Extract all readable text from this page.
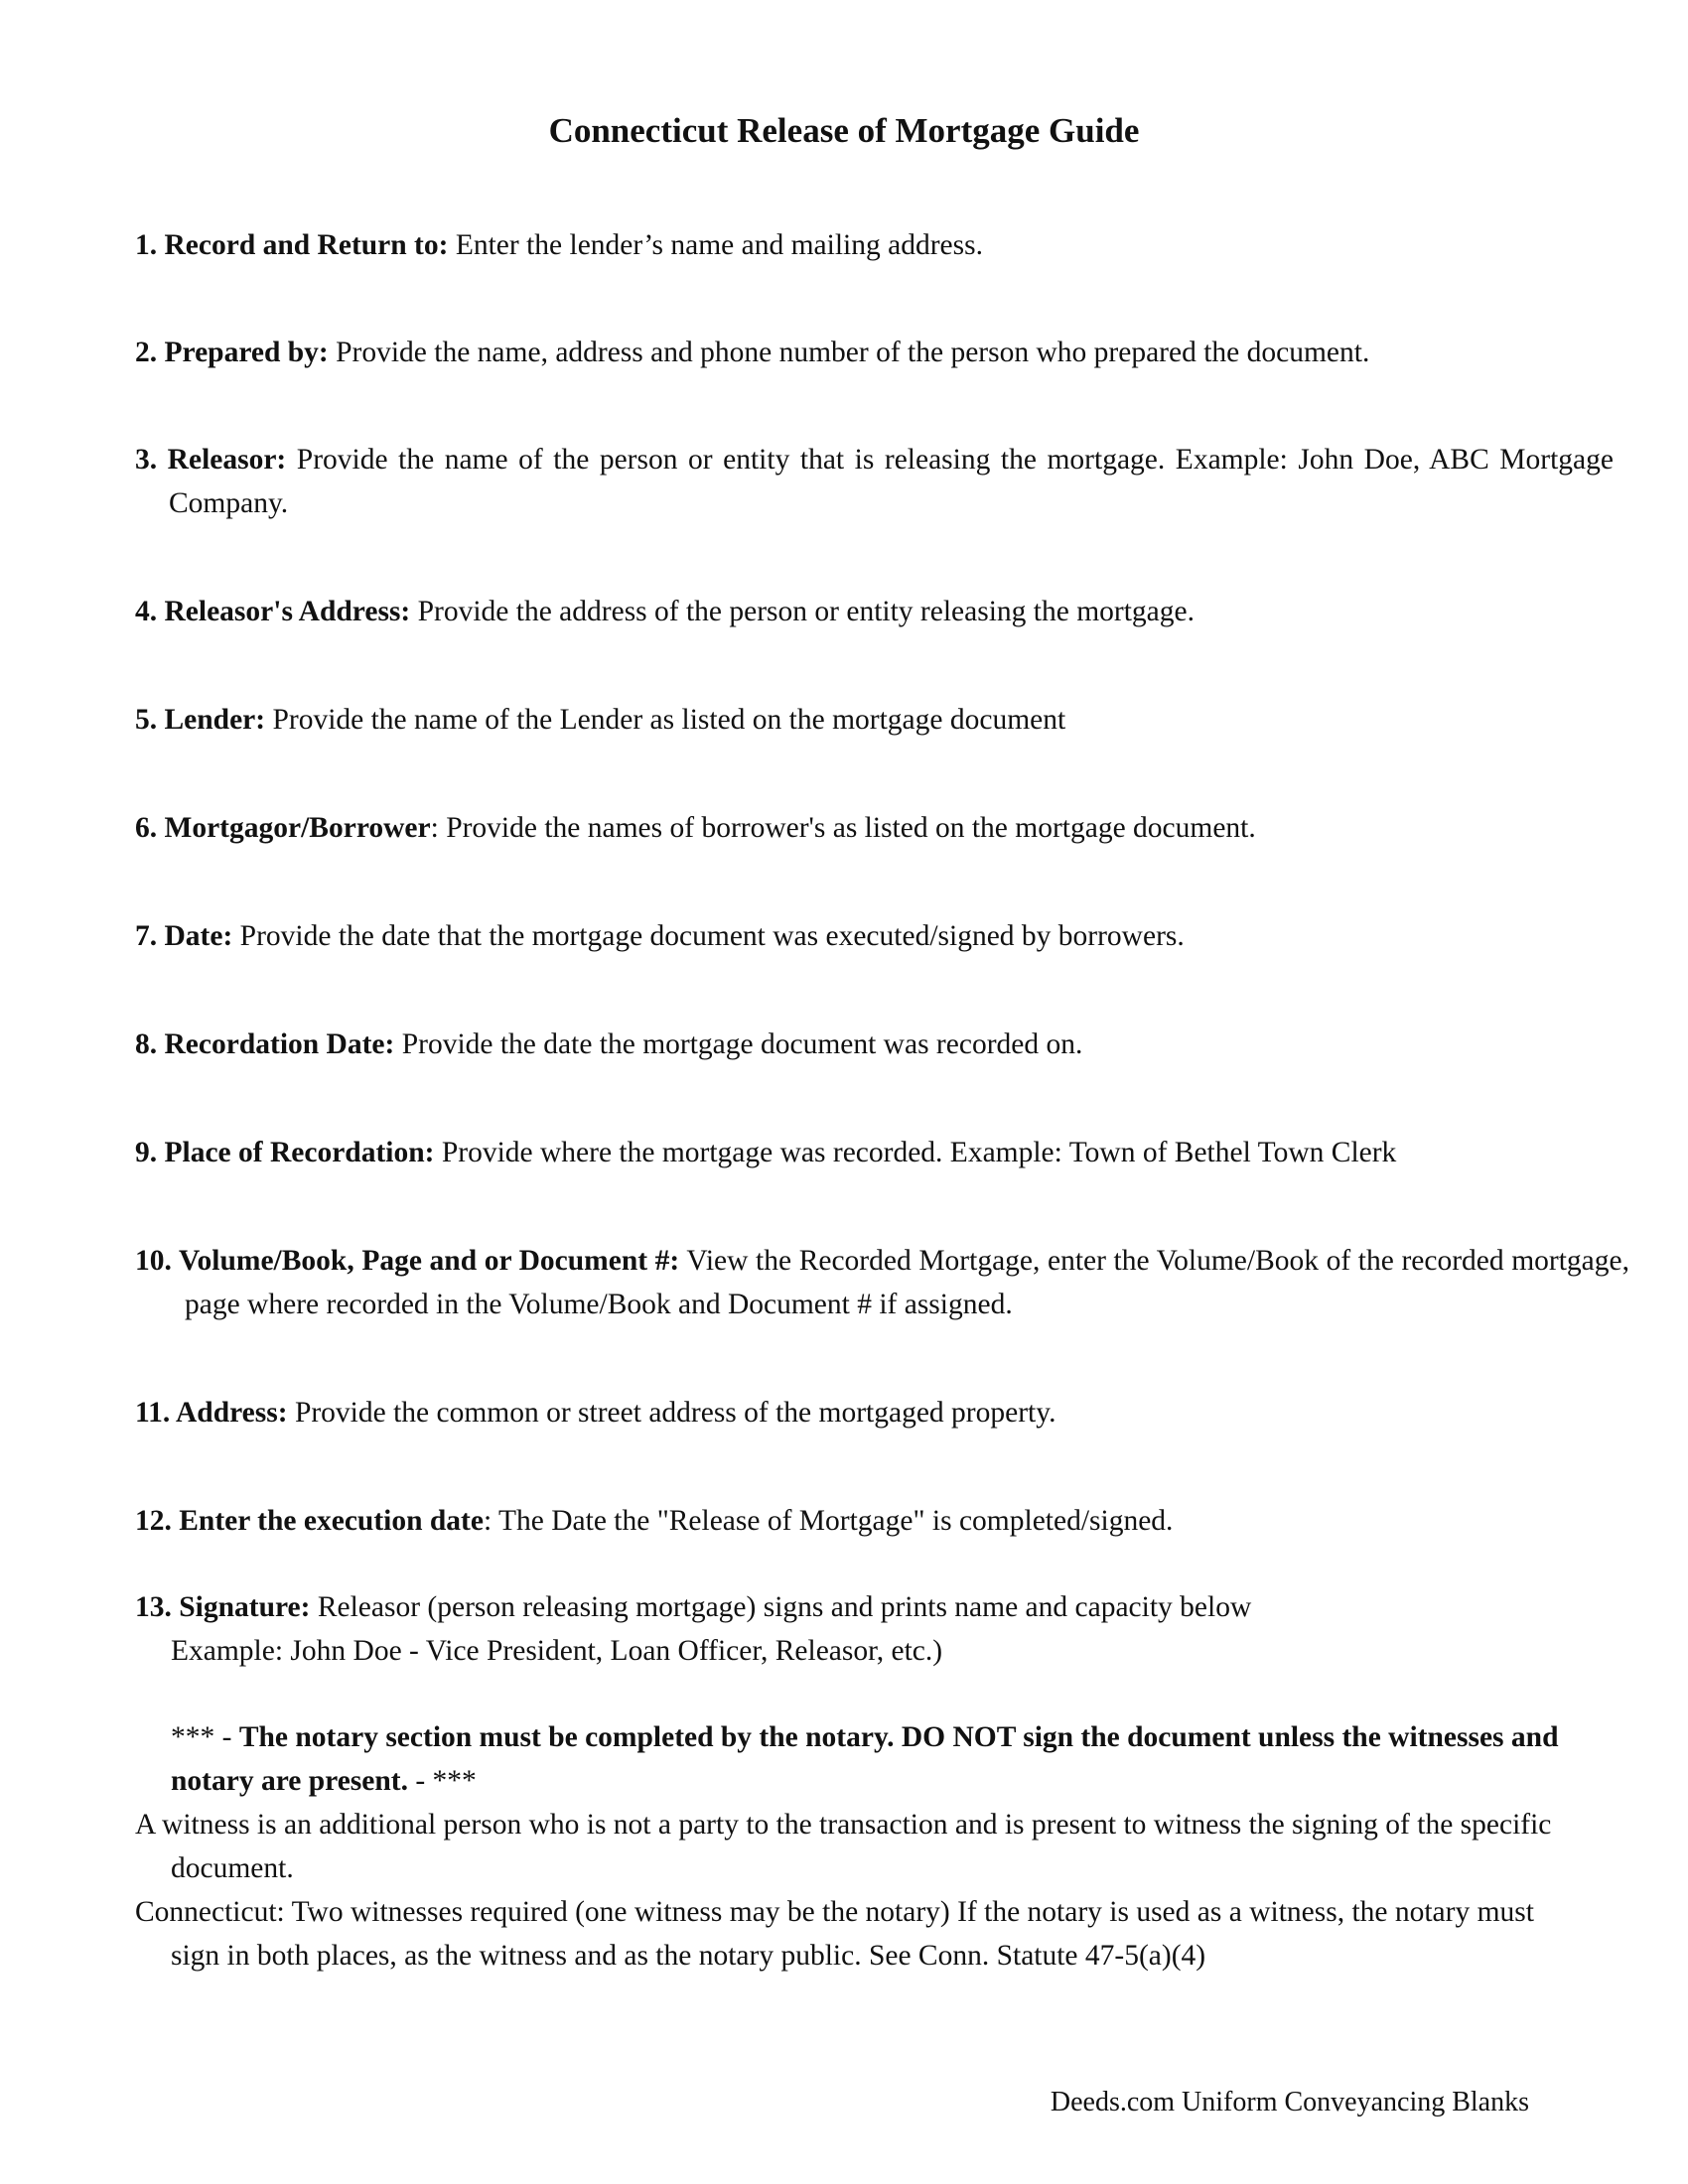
Connecticut Release of Mortgage Guide
1. Record and Return to: Enter the lender’s name and mailing address.
2. Prepared by: Provide the name, address and phone number of the person who prepared the document.
3. Releasor: Provide the name of the person or entity that is releasing the mortgage. Example: John Doe, ABC Mortgage Company.
4. Releasor's Address: Provide the address of the person or entity releasing the mortgage.
5. Lender: Provide the name of the Lender as listed on the mortgage document
6. Mortgagor/Borrower: Provide the names of borrower's as listed on the mortgage document.
7. Date: Provide the date that the mortgage document was executed/signed by borrowers.
8. Recordation Date: Provide the date the mortgage document was recorded on.
9. Place of Recordation: Provide where the mortgage was recorded. Example: Town of Bethel Town Clerk
10. Volume/Book, Page and or Document #: View the Recorded Mortgage, enter the Volume/Book of the recorded mortgage, page where recorded in the Volume/Book and Document # if assigned.
11. Address: Provide the common or street address of the mortgaged property.
12. Enter the execution date: The Date the "Release of Mortgage" is completed/signed.
13. Signature: Releasor (person releasing mortgage) signs and prints name and capacity below
Example: John Doe - Vice President, Loan Officer, Releasor, etc.)
*** - The notary section must be completed by the notary. DO NOT sign the document unless the witnesses and notary are present. - ***
A witness is an additional person who is not a party to the transaction and is present to witness the signing of the specific document.
Connecticut: Two witnesses required (one witness may be the notary) If the notary is used as a witness, the notary must sign in both places, as the witness and as the notary public. See Conn. Statute 47-5(a)(4)
Deeds.com Uniform Conveyancing Blanks
